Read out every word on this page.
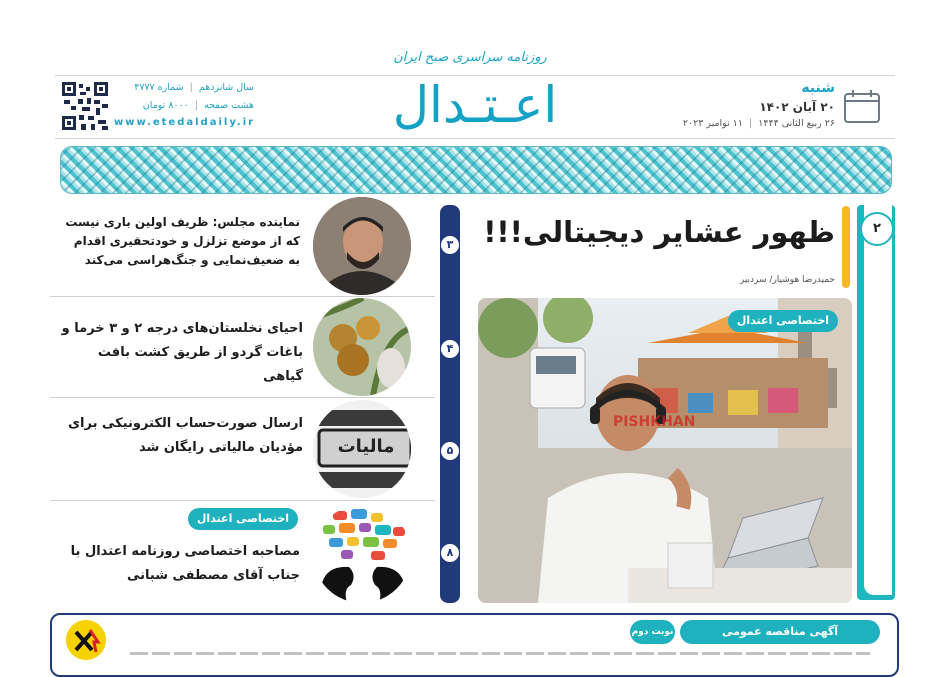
روزنامه سراسری صبح ایران
اعـتـدال
سال شانزدهم  |  شماره ۴۷۷۷
هشت صفحه  |  ۸۰۰۰ تومان
www.etedaldaily.ir
شنبه
۲۰ آبان ۱۴۰۲
۲۶ ربیع الثانی ۱۴۴۴  |  ۱۱ نوامبر ۲۰۲۳
۲
ظهور عشایر دیجیتالی!!!
حمیدرضا هوشیار/ سردبیر
PISHKHAN
اختصاصی اعتدال
۳
۴
۵
۸
نماینده مجلس: ظریف اولین باری نیست که از موضع تزلزل و خودتحقیری اقدام به ضعیف‌نمایی و جنگ‌هراسی می‌کند
احیای نخلستان‌های درجه ۲ و ۳ خرما و باغات گردو از طریق کشت بافت گیاهی
ارسال صورت‌حساب الکترونیکی برای مؤدیان مالیاتی رایگان شد	مالیات
اختصاصی اعتدال
مصاحبه اختصاصی روزنامه اعتدال با جناب آقای مصطفی شبانی
آگهی مناقصه عمومی
نوبت دوم
